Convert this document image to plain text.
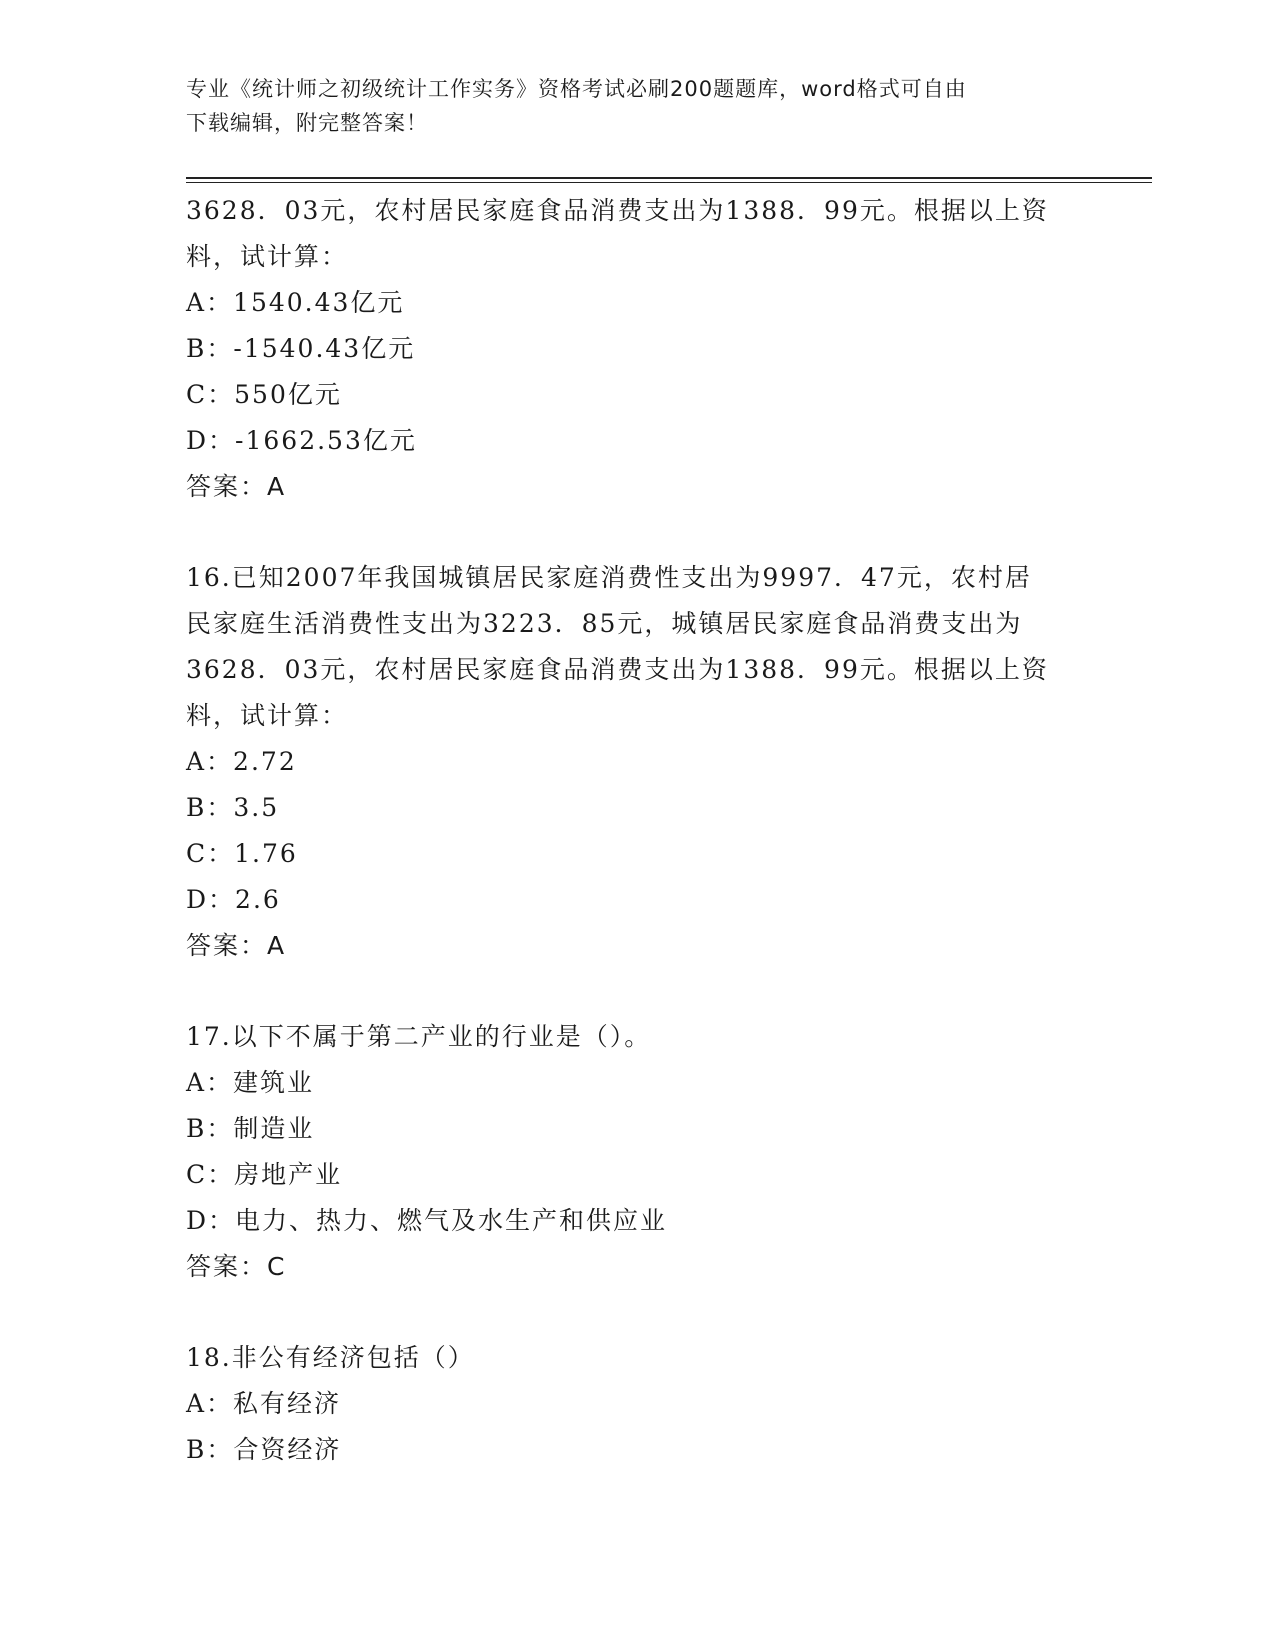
专业《统计师之初级统计工作实务》资格考试必刷200题题库，word格式可自由
下载编辑，附完整答案！
3628．03元，农村居民家庭食品消费支出为1388．99元。根据以上资
料，试计算：
A：1540.43亿元
B：-1540.43亿元
C：550亿元
D：-1662.53亿元
答案：A
16.已知2007年我国城镇居民家庭消费性支出为9997．47元，农村居
民家庭生活消费性支出为3223．85元，城镇居民家庭食品消费支出为
3628．03元，农村居民家庭食品消费支出为1388．99元。根据以上资
料，试计算：
A：2.72
B：3.5
C：1.76
D：2.6
答案：A
17.以下不属于第二产业的行业是（）。
A：建筑业
B：制造业
C：房地产业
D：电力、热力、燃气及水生产和供应业
答案：C
18.非公有经济包括（）
A：私有经济
B：合资经济
